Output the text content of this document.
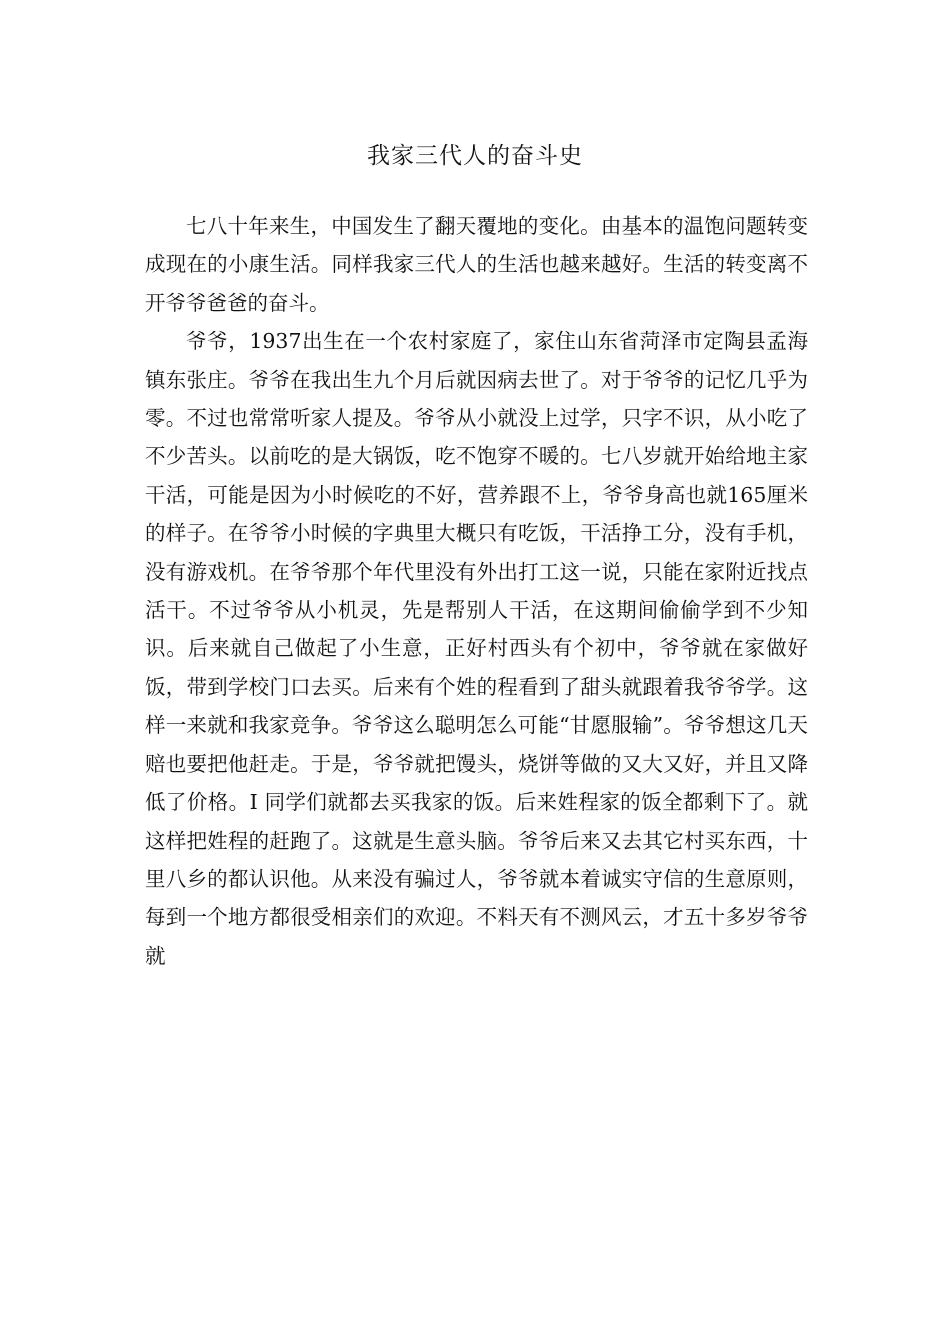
我家三代人的奋斗史

七八十年来生，中国发生了翻天覆地的变化。由基本的温饱问题转变成现在的小康生活。同样我家三代人的生活也越来越好。生活的转变离不开爷爷爸爸的奋斗。

爷爷，1937出生在一个农村家庭了，家住山东省菏泽市定陶县孟海镇东张庄。爷爷在我出生九个月后就因病去世了。对于爷爷的记忆几乎为零。不过也常常听家人提及。爷爷从小就没上过学，只字不识，从小吃了不少苦头。以前吃的是大锅饭，吃不饱穿不暖的。七八岁就开始给地主家干活，可能是因为小时候吃的不好，营养跟不上，爷爷身高也就165厘米的样子。在爷爷小时候的字典里大概只有吃饭，干活挣工分，没有手机，没有游戏机。在爷爷那个年代里没有外出打工这一说，只能在家附近找点活干。不过爷爷从小机灵，先是帮别人干活，在这期间偷偷学到不少知识。后来就自己做起了小生意，正好村西头有个初中，爷爷就在家做好饭，带到学校门口去买。后来有个姓的程看到了甜头就跟着我爷爷学。这样一来就和我家竞争。爷爷这么聪明怎么可能“甘愿服输”。爷爷想这几天赔也要把他赶走。于是，爷爷就把馒头，烧饼等做的又大又好，并且又降低了价格。I 同学们就都去买我家的饭。后来姓程家的饭全都剩下了。就这样把姓程的赶跑了。这就是生意头脑。爷爷后来又去其它村买东西，十里八乡的都认识他。从来没有骗过人，爷爷就本着诚实守信的生意原则，每到一个地方都很受相亲们的欢迎。不料天有不测风云，才五十多岁爷爷就
